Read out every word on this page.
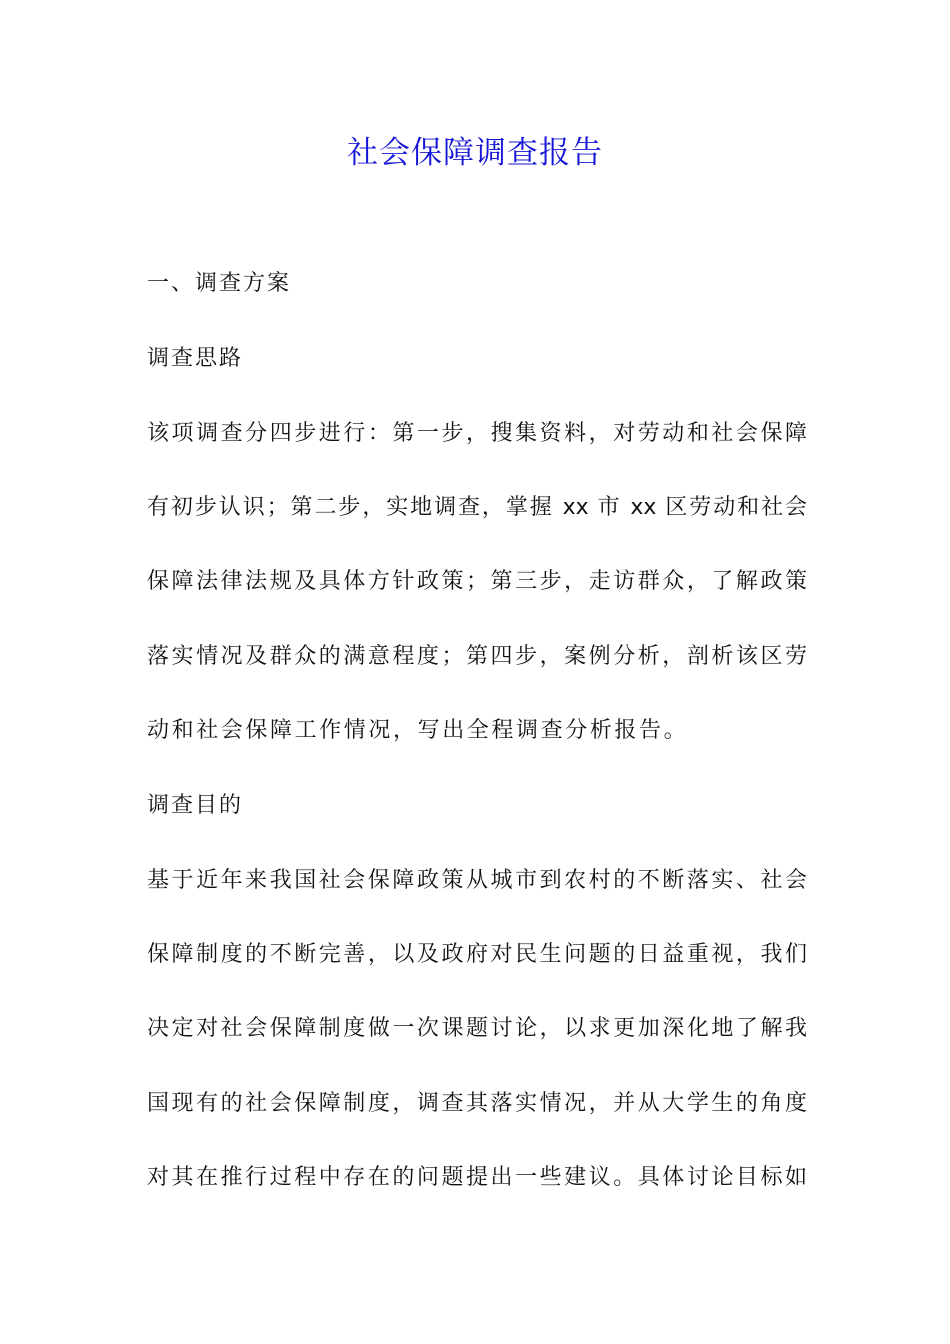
社会保障调查报告
一、调查方案
调查思路
该项调查分四步进行：第一步，搜集资料，对劳动和社会保障
有初步认识；第二步，实地调查，掌握 xx 市 xx 区劳动和社会
保障法律法规及具体方针政策；第三步，走访群众，了解政策
落实情况及群众的满意程度；第四步，案例分析，剖析该区劳
动和社会保障工作情况，写出全程调查分析报告。
调查目的
基于近年来我国社会保障政策从城市到农村的不断落实、社会
保障制度的不断完善，以及政府对民生问题的日益重视，我们
决定对社会保障制度做一次课题讨论，以求更加深化地了解我
国现有的社会保障制度，调查其落实情况，并从大学生的角度
对其在推行过程中存在的问题提出一些建议。具体讨论目标如
